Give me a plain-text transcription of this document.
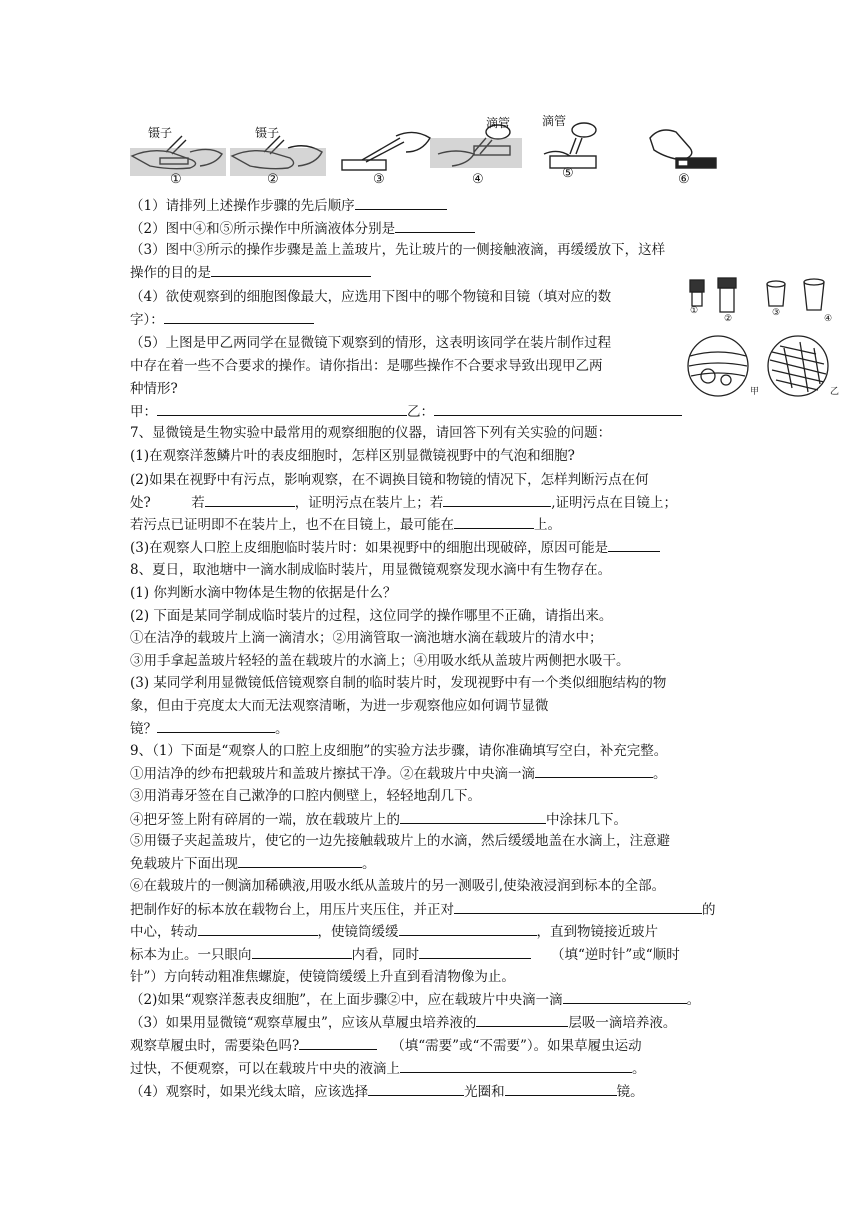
镊子	镊子
滴管	滴管
①	②	③	④	⑤	⑥
①
②
③
④
甲	乙
（1）请排列上述操作步骤的先后顺序
（2）图中④和⑤所示操作中所滴液体分别是
（3）图中③所示的操作步骤是盖上盖玻片，先让玻片的一侧接触液滴，再缓缓放下，这样
操作的目的是
（4）欲使观察到的细胞图像最大，应选用下图中的哪个物镜和目镜（填对应的数
字）：
（5）上图是甲乙两同学在显微镜下观察到的情形，这表明该同学在装片制作过程
中存在着一些不合要求的操作。请你指出：是哪些操作不合要求导致出现甲乙两
种情形?
甲：	乙：
7、显微镜是生物实验中最常用的观察细胞的仪器，请回答下列有关实验的问题：
(1)在观察洋葱鳞片叶的表皮细胞时，怎样区别显微镜视野中的气泡和细胞?
(2)如果在视野中有污点，影响观察，在不调换目镜和物镜的情况下，怎样判断污点在何
处?　　　若	，证明污点在装片上；若	,证明污点在目镜上；
若污点已证明即不在装片上，也不在目镜上，最可能在	上。
(3)在观察人口腔上皮细胞临时装片时：如果视野中的细胞出现破碎，原因可能是
8、夏日，取池塘中一滴水制成临时装片，用显微镜观察发现水滴中有生物存在。
(1) 你判断水滴中物体是生物的依据是什么？
(2) 下面是某同学制成临时装片的过程，这位同学的操作哪里不正确，请指出来。
①在洁净的载玻片上滴一滴清水；②用滴管取一滴池塘水滴在载玻片的清水中；
③用手拿起盖玻片轻轻的盖在载玻片的水滴上；④用吸水纸从盖玻片两侧把水吸干。
(3) 某同学利用显微镜低倍镜观察自制的临时装片时，发现视野中有一个类似细胞结构的物
象，但由于亮度太大而无法观察清晰，为进一步观察他应如何调节显微
镜？	。
9、（1）下面是“观察人的口腔上皮细胞”的实验方法步骤，请你准确填写空白，补充完整。
①用洁净的纱布把载玻片和盖玻片擦拭干净。②在载玻片中央滴一滴	。
③用消毒牙签在自己漱净的口腔内侧壁上，轻轻地刮几下。
④把牙签上附有碎屑的一端，放在载玻片上的	中涂抹几下。
⑤用镊子夹起盖玻片，使它的一边先接触载玻片上的水滴，然后缓缓地盖在水滴上，注意避
免载玻片下面出现	。
⑥在载玻片的一侧滴加稀碘液,用吸水纸从盖玻片的另一测吸引,使染液浸润到标本的全部。
把制作好的标本放在载物台上，用压片夹压住，并正对	的
中心，转动	，使镜筒缓缓	，直到物镜接近玻片
标本为止。一只眼向	内看，同时	（填“逆时针”或“顺时
针”）方向转动粗准焦螺旋，使镜筒缓缓上升直到看清物像为止。
（2)如果“观察洋葱表皮细胞”，在上面步骤②中，应在载玻片中央滴一滴	。
（3）如果用显微镜“观察草履虫”，应该从草履虫培养液的	层吸一滴培养液。
观察草履虫时，需要染色吗?	（填“需要”或“不需要”）。如果草履虫运动
过快，不便观察，可以在载玻片中央的液滴上	。
（4）观察时，如果光线太暗，应该选择	光圈和	镜。
